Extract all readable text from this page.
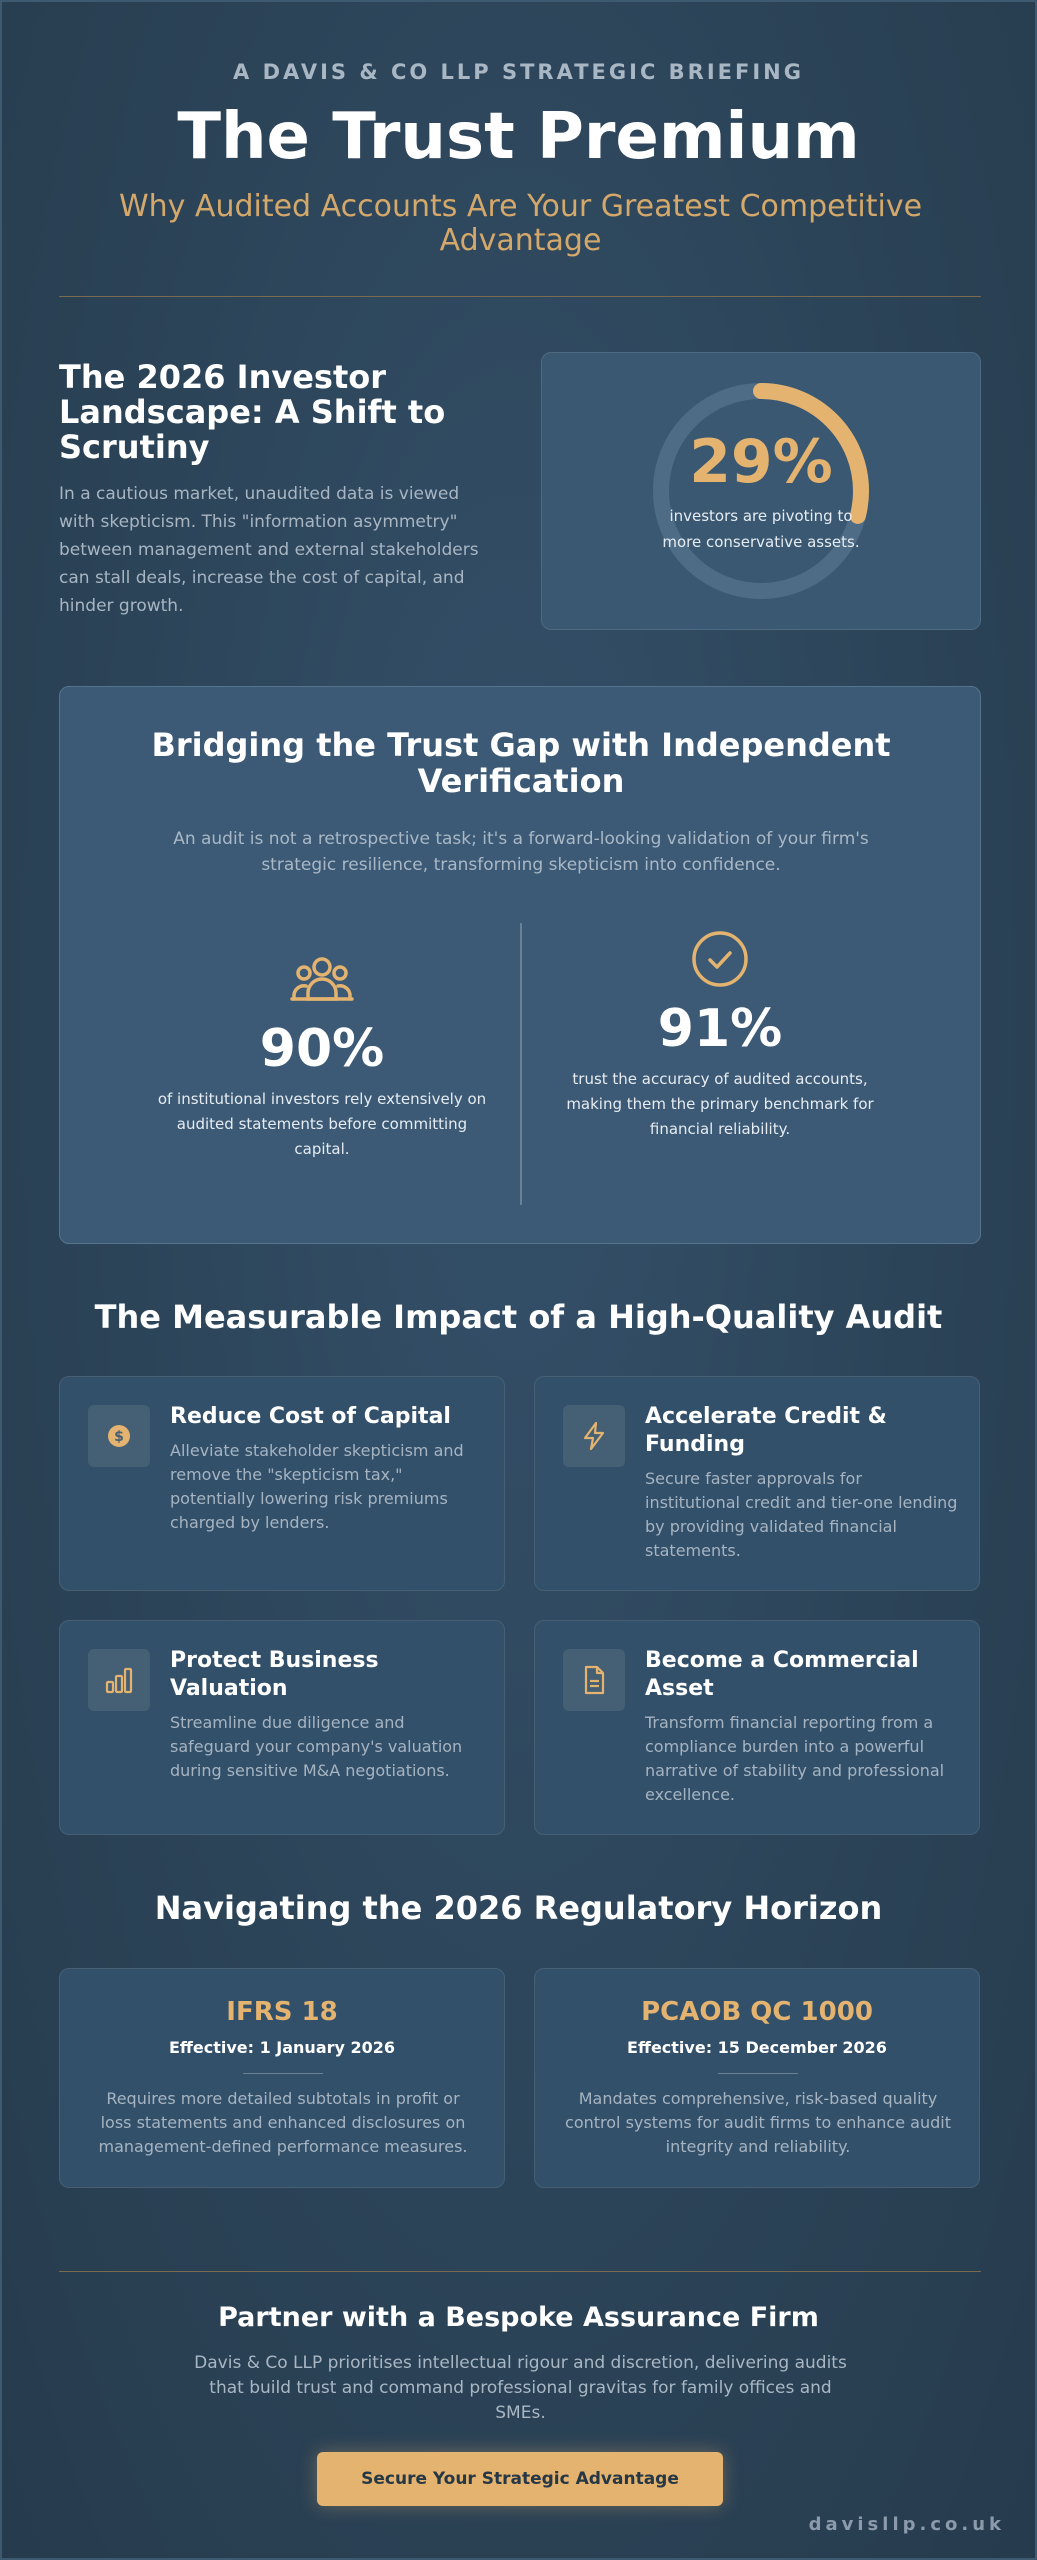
A DAVIS & CO LLP STRATEGIC BRIEFING
The Trust Premium
Why Audited Accounts Are Your Greatest Competitive Advantage
The 2026 Investor Landscape: A Shift to Scrutiny
In a cautious market, unaudited data is viewed with skepticism. This "information asymmetry" between management and external stakeholders can stall deals, increase the cost of capital, and hinder growth.
29%
investors are pivoting to more conservative assets.
Bridging the Trust Gap with Independent Verification
An audit is not a retrospective task; it's a forward-looking validation of your firm's strategic resilience, transforming skepticism into confidence.
90%
of institutional investors rely extensively on audited statements before committing capital.
91%
trust the accuracy of audited accounts, making them the primary benchmark for financial reliability.
The Measurable Impact of a High-Quality Audit
$
Reduce Cost of Capital
Alleviate stakeholder skepticism and remove the "skepticism tax," potentially lowering risk premiums charged by lenders.
Accelerate Credit & Funding
Secure faster approvals for institutional credit and tier-one lending by providing validated financial statements.
Protect Business Valuation
Streamline due diligence and safeguard your company's valuation during sensitive M&A negotiations.
Become a Commercial Asset
Transform financial reporting from a compliance burden into a powerful narrative of stability and professional excellence.
Navigating the 2026 Regulatory Horizon
IFRS 18
Effective: 1 January 2026
Requires more detailed subtotals in profit or loss statements and enhanced disclosures on management-defined performance measures.
PCAOB QC 1000
Effective: 15 December 2026
Mandates comprehensive, risk-based quality control systems for audit firms to enhance audit integrity and reliability.
Partner with a Bespoke Assurance Firm
Davis & Co LLP prioritises intellectual rigour and discretion, delivering audits that build trust and command professional gravitas for family offices and SMEs.
Secure Your Strategic Advantage
davisllp.co.uk
